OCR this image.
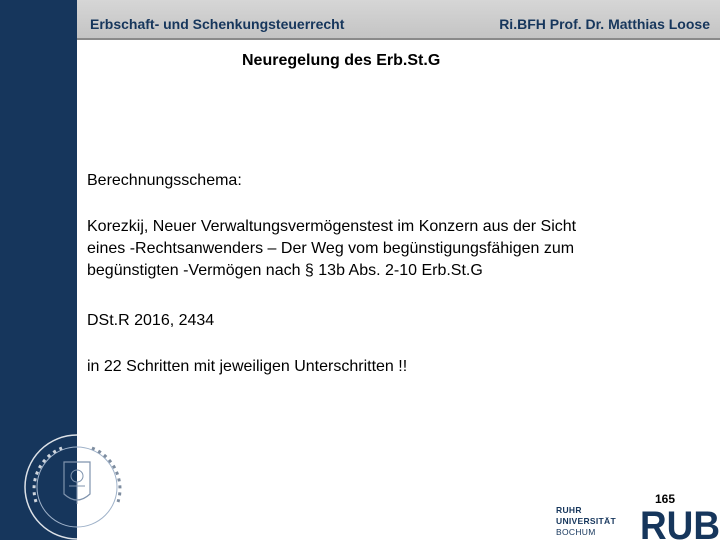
Erbschaft- und Schenkungsteuerrecht	Ri.BFH Prof. Dr. Matthias Loose
Neuregelung des Erb.St.G
Berechnungsschema:
Korezkij, Neuer Verwaltungsvermögenstest im Konzern aus der Sicht
eines -Rechtsanwenders – Der Weg vom begünstigungsfähigen zum
begünstigten -Vermögen nach § 13b Abs. 2-10 Erb.St.G
DSt.R 2016, 2434
in 22 Schritten mit jeweiligen Unterschritten !!
165
RUHR
UNIVERSITÄT
BOCHUM	RUB
